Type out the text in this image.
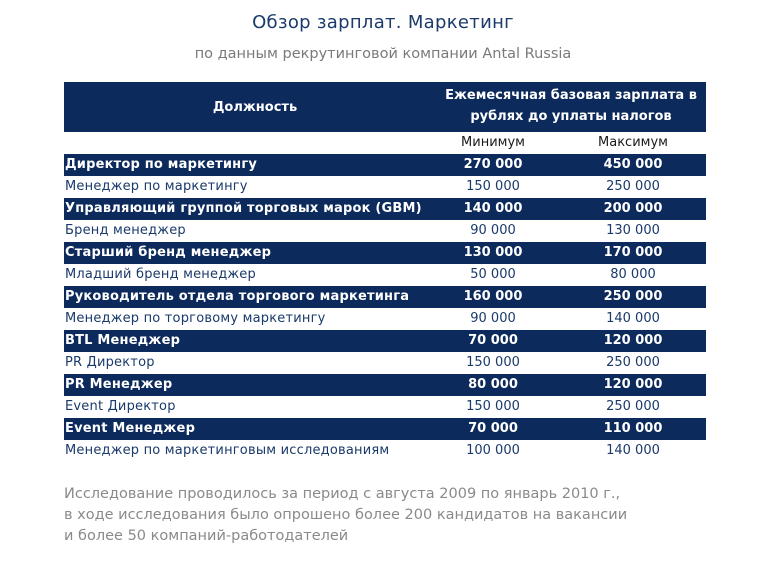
Обзор зарплат. Маркетинг
по данным рекрутинговой компании Antal Russia
Должность
Ежемесячная базовая зарплата в
рублях до уплаты налогов
Минимум	Максимум
Директор по маркетингу	270 000	450 000
Менеджер по маркетингу	150 000	250 000
Управляющий группой торговых марок (GBM)	140 000	200 000
Бренд менеджер	90 000	130 000
Старший бренд менеджер	130 000	170 000
Младший бренд менеджер	50 000	80 000
Руководитель отдела торгового маркетинга	160 000	250 000
Менеджер по торговому маркетингу	90 000	140 000
BTL Менеджер	70 000	120 000
PR Директор	150 000	250 000
PR Менеджер	80 000	120 000
Event Директор	150 000	250 000
Event Менеджер	70 000	110 000
Менеджер по маркетинговым исследованиям	100 000	140 000
Исследование проводилось за период с августа 2009 по январь 2010 г.,
в ходе исследования было опрошено более 200 кандидатов на вакансии
и более 50 компаний-работодателей
